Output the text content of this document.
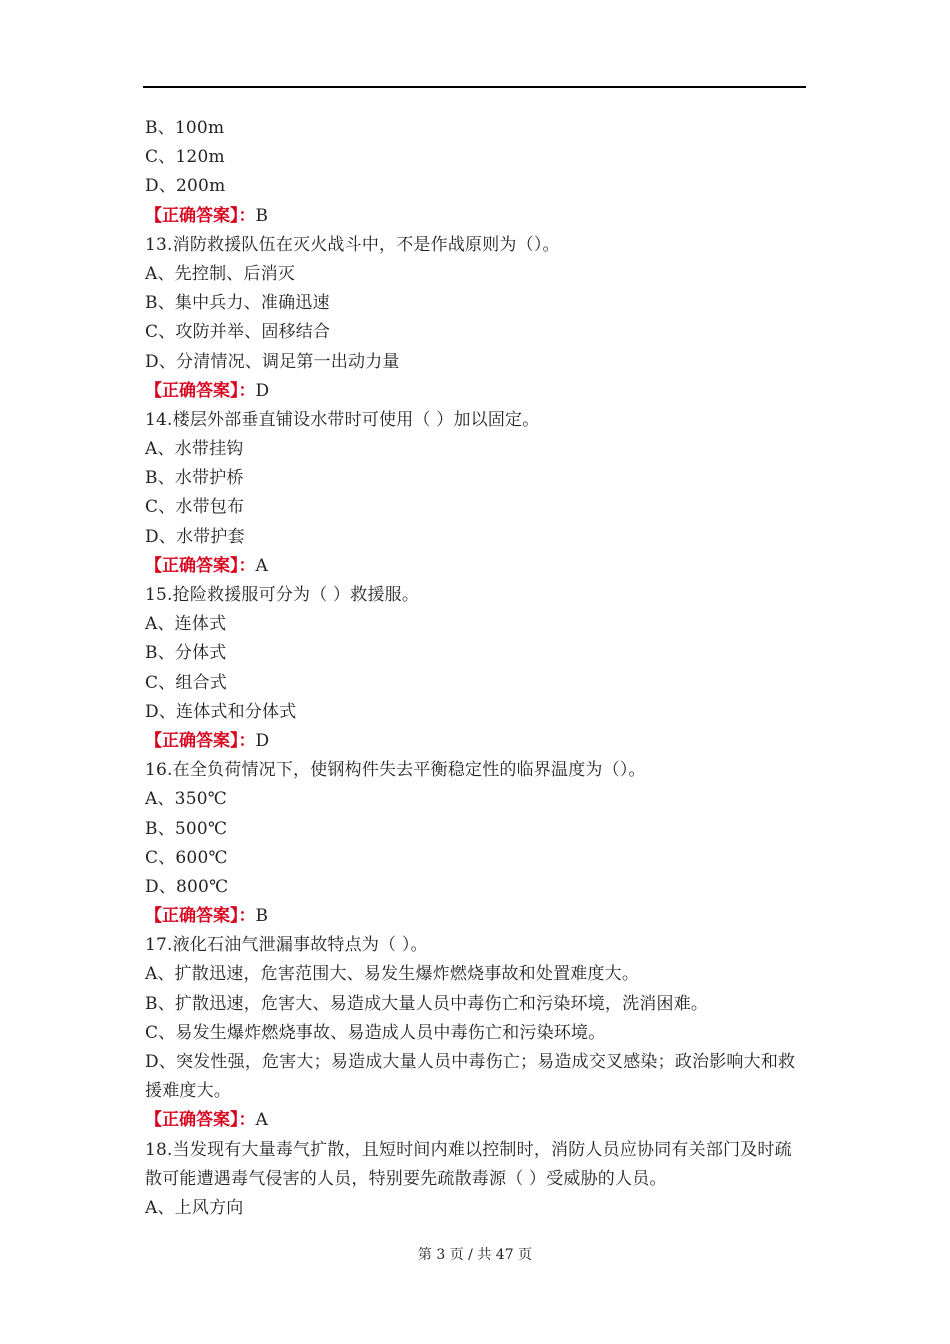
B、100m
C、120m
D、200m
【正确答案】：B
13.消防救援队伍在灭火战斗中，不是作战原则为（）。
A、先控制、后消灭
B、集中兵力、准确迅速
C、攻防并举、固移结合
D、分清情况、调足第一出动力量
【正确答案】：D
14.楼层外部垂直铺设水带时可使用（ ）加以固定。
A、水带挂钩
B、水带护桥
C、水带包布
D、水带护套
【正确答案】：A
15.抢险救援服可分为（ ）救援服。
A、连体式
B、分体式
C、组合式
D、连体式和分体式
【正确答案】：D
16.在全负荷情况下，使钢构件失去平衡稳定性的临界温度为（）。
A、350℃
B、500℃
C、600℃
D、800℃
【正确答案】：B
17.液化石油气泄漏事故特点为（ ）。
A、扩散迅速，危害范围大、易发生爆炸燃烧事故和处置难度大。
B、扩散迅速，危害大、易造成大量人员中毒伤亡和污染环境，洗消困难。
C、易发生爆炸燃烧事故、易造成人员中毒伤亡和污染环境。
D、突发性强，危害大；易造成大量人员中毒伤亡；易造成交叉感染；政治影响大和救援难度大。
【正确答案】：A
18.当发现有大量毒气扩散，且短时间内难以控制时，消防人员应协同有关部门及时疏散可能遭遇毒气侵害的人员，特别要先疏散毒源（ ）受威胁的人员。
A、上风方向
第 3 页 / 共 47 页
